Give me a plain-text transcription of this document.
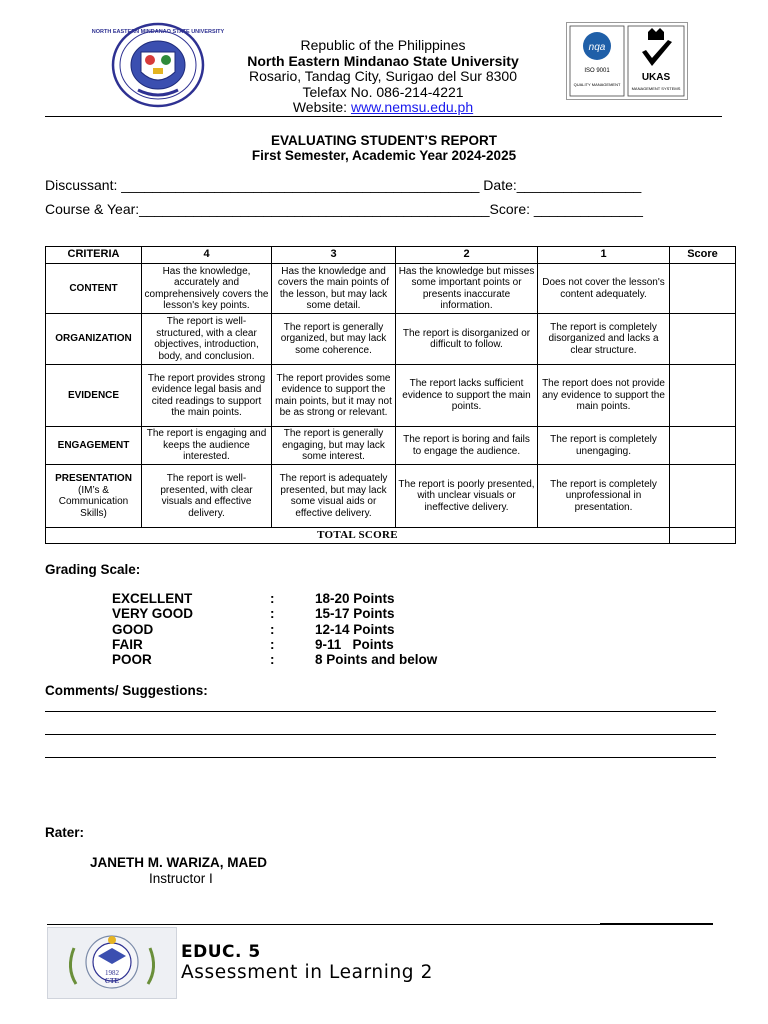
NORTH EASTERN MINDANAO STATE UNIVERSITY
Republic of the Philippines
North Eastern Mindanao State University
Rosario, Tandag City, Surigao del Sur 8300
Telefax No. 086-214-4221
Website: www.nemsu.edu.ph
nqa
ISO 9001
QUALITY MANAGEMENT
UKAS
MANAGEMENT SYSTEMS
EVALUATING STUDENT’S REPORT
First Semester, Academic Year 2024-2025
Discussant: ______________________________________________ Date:________________
Course & Year:_____________________________________________Score: ______________
CRITERIA	4	3	2	1	Score
CONTENT	Has the knowledge, accurately and comprehensively covers the lesson's key points.	Has the knowledge and covers the main points of the lesson, but may lack some detail.	Has the knowledge but misses some important points or presents inaccurate information.	Does not cover the lesson's content adequately.	
ORGANIZATION	The report is well-structured, with a clear objectives, introduction, body, and conclusion.	The report is generally organized, but may lack some coherence.	The report is disorganized or difficult to follow.	The report is completely disorganized and lacks a clear structure.	
EVIDENCE	The report provides strong evidence legal basis and cited readings to support the main points.	The report provides some evidence to support the main points, but it may not be as strong or relevant.	The report lacks sufficient evidence to support the main points.	The report does not provide any evidence to support the main points.	
ENGAGEMENT	The report is engaging and keeps the audience interested.	The report is generally engaging, but may lack some interest.	The report is boring and fails to engage the audience.	The report is completely unengaging.	
PRESENTATION
(IM’s & Communication Skills)	The report is well-presented, with clear visuals and effective delivery.	The report is adequately presented, but may lack some visual aids or effective delivery.	The report is poorly presented, with unclear visuals or ineffective delivery.	The report is completely unprofessional in presentation.	
TOTAL SCORE					
Grading Scale:
EXCELLENT	:	18-20 Points
VERY GOOD	:	15-17 Points
GOOD	:	12-14 Points
FAIR	:	9-11   Points
POOR	:	8 Points and below
Comments/ Suggestions:
Rater:
JANETH M. WARIZA, MAED
Instructor I
1982
CTE
EDUC. 5
Assessment in Learning 2
